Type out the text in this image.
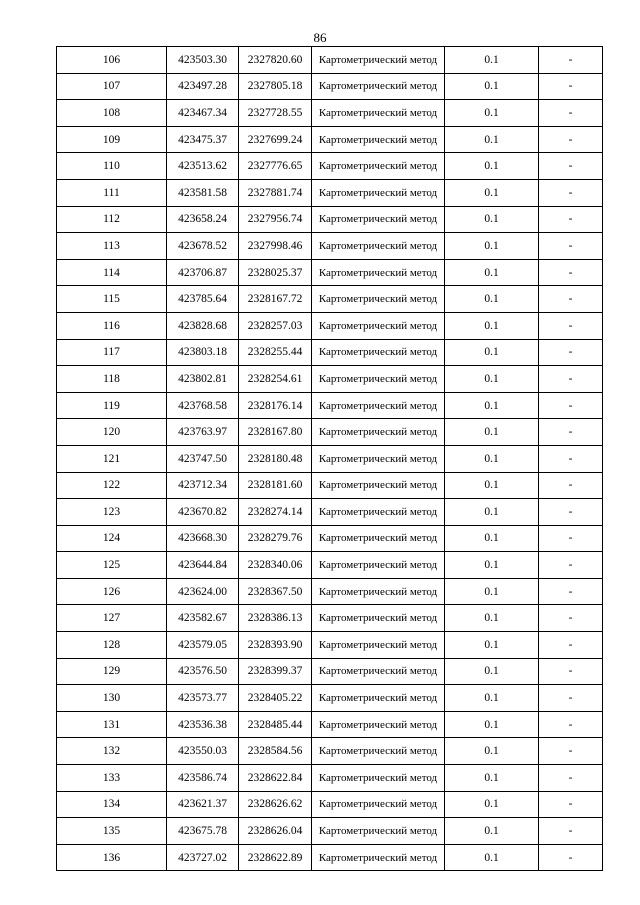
86
106	423503.30	2327820.60	Картометрический метод	0.1	-
107	423497.28	2327805.18	Картометрический метод	0.1	-
108	423467.34	2327728.55	Картометрический метод	0.1	-
109	423475.37	2327699.24	Картометрический метод	0.1	-
110	423513.62	2327776.65	Картометрический метод	0.1	-
111	423581.58	2327881.74	Картометрический метод	0.1	-
112	423658.24	2327956.74	Картометрический метод	0.1	-
113	423678.52	2327998.46	Картометрический метод	0.1	-
114	423706.87	2328025.37	Картометрический метод	0.1	-
115	423785.64	2328167.72	Картометрический метод	0.1	-
116	423828.68	2328257.03	Картометрический метод	0.1	-
117	423803.18	2328255.44	Картометрический метод	0.1	-
118	423802.81	2328254.61	Картометрический метод	0.1	-
119	423768.58	2328176.14	Картометрический метод	0.1	-
120	423763.97	2328167.80	Картометрический метод	0.1	-
121	423747.50	2328180.48	Картометрический метод	0.1	-
122	423712.34	2328181.60	Картометрический метод	0.1	-
123	423670.82	2328274.14	Картометрический метод	0.1	-
124	423668.30	2328279.76	Картометрический метод	0.1	-
125	423644.84	2328340.06	Картометрический метод	0.1	-
126	423624.00	2328367.50	Картометрический метод	0.1	-
127	423582.67	2328386.13	Картометрический метод	0.1	-
128	423579.05	2328393.90	Картометрический метод	0.1	-
129	423576.50	2328399.37	Картометрический метод	0.1	-
130	423573.77	2328405.22	Картометрический метод	0.1	-
131	423536.38	2328485.44	Картометрический метод	0.1	-
132	423550.03	2328584.56	Картометрический метод	0.1	-
133	423586.74	2328622.84	Картометрический метод	0.1	-
134	423621.37	2328626.62	Картометрический метод	0.1	-
135	423675.78	2328626.04	Картометрический метод	0.1	-
136	423727.02	2328622.89	Картометрический метод	0.1	-
